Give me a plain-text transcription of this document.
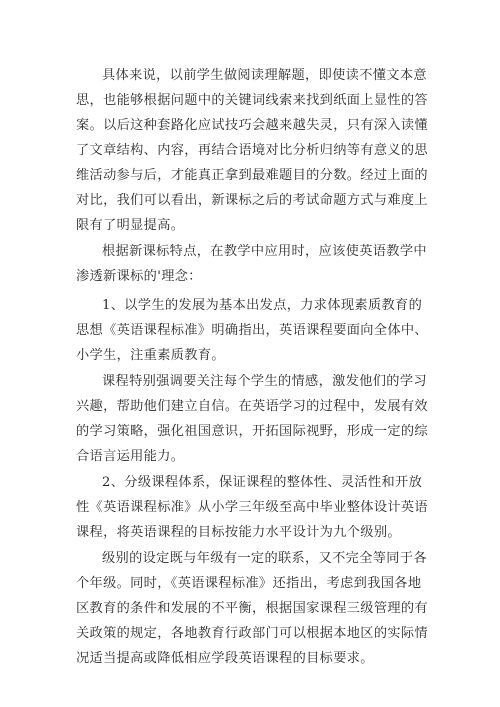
具体来说，以前学生做阅读理解题，即使读不懂文本意
思，也能够根据问题中的关键词线索来找到纸面上显性的答
案。以后这种套路化应试技巧会越来越失灵，只有深入读懂
了文章结构、内容，再结合语境对比分析归纳等有意义的思
维活动参与后，才能真正拿到最难题目的分数。经过上面的
对比，我们可以看出，新课标之后的考试命题方式与难度上
限有了明显提高。
根据新课标特点，在教学中应用时，应该使英语教学中
渗透新课标的'理念：
1、以学生的发展为基本出发点，力求体现素质教育的
思想《英语课程标准》明确指出，英语课程要面向全体中、
小学生，注重素质教育。
课程特别强调要关注每个学生的情感，激发他们的学习
兴趣，帮助他们建立自信。在英语学习的过程中，发展有效
的学习策略，强化祖国意识，开拓国际视野，形成一定的综
合语言运用能力。
2、分级课程体系，保证课程的整体性、灵活性和开放
性《英语课程标准》从小学三年级至高中毕业整体设计英语
课程，将英语课程的目标按能力水平设计为九个级别。
级别的设定既与年级有一定的联系，又不完全等同于各
个年级。同时，《英语课程标准》还指出，考虑到我国各地
区教育的条件和发展的不平衡，根据国家课程三级管理的有
关政策的规定，各地教育行政部门可以根据本地区的实际情
况适当提高或降低相应学段英语课程的目标要求。
